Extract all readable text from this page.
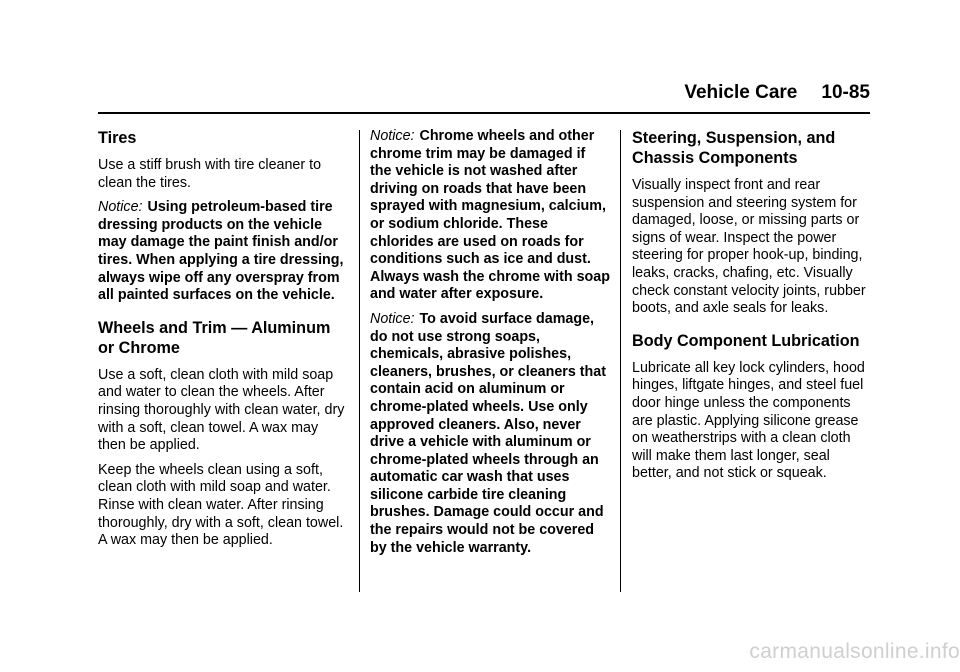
Vehicle Care 10-85
Tires

Use a stiff brush with tire cleaner to clean the tires.

Notice: Using petroleum-based tire dressing products on the vehicle may damage the paint finish and/or tires. When applying a tire dressing, always wipe off any overspray from all painted surfaces on the vehicle.

Wheels and Trim — Aluminum or Chrome

Use a soft, clean cloth with mild soap and water to clean the wheels. After rinsing thoroughly with clean water, dry with a soft, clean towel. A wax may then be applied.

Keep the wheels clean using a soft, clean cloth with mild soap and water. Rinse with clean water. After rinsing thoroughly, dry with a soft, clean towel. A wax may then be applied.

Notice: Chrome wheels and other chrome trim may be damaged if the vehicle is not washed after driving on roads that have been sprayed with magnesium, calcium, or sodium chloride. These chlorides are used on roads for conditions such as ice and dust. Always wash the chrome with soap and water after exposure.

Notice: To avoid surface damage, do not use strong soaps, chemicals, abrasive polishes, cleaners, brushes, or cleaners that contain acid on aluminum or chrome-plated wheels. Use only approved cleaners. Also, never drive a vehicle with aluminum or chrome-plated wheels through an automatic car wash that uses silicone carbide tire cleaning brushes. Damage could occur and the repairs would not be covered by the vehicle warranty.

Steering, Suspension, and Chassis Components

Visually inspect front and rear suspension and steering system for damaged, loose, or missing parts or signs of wear. Inspect the power steering for proper hook-up, binding, leaks, cracks, chafing, etc. Visually check constant velocity joints, rubber boots, and axle seals for leaks.

Body Component Lubrication

Lubricate all key lock cylinders, hood hinges, liftgate hinges, and steel fuel door hinge unless the components are plastic. Applying silicone grease on weatherstrips with a clean cloth will make them last longer, seal better, and not stick or squeak.

carmanualsonline.info
